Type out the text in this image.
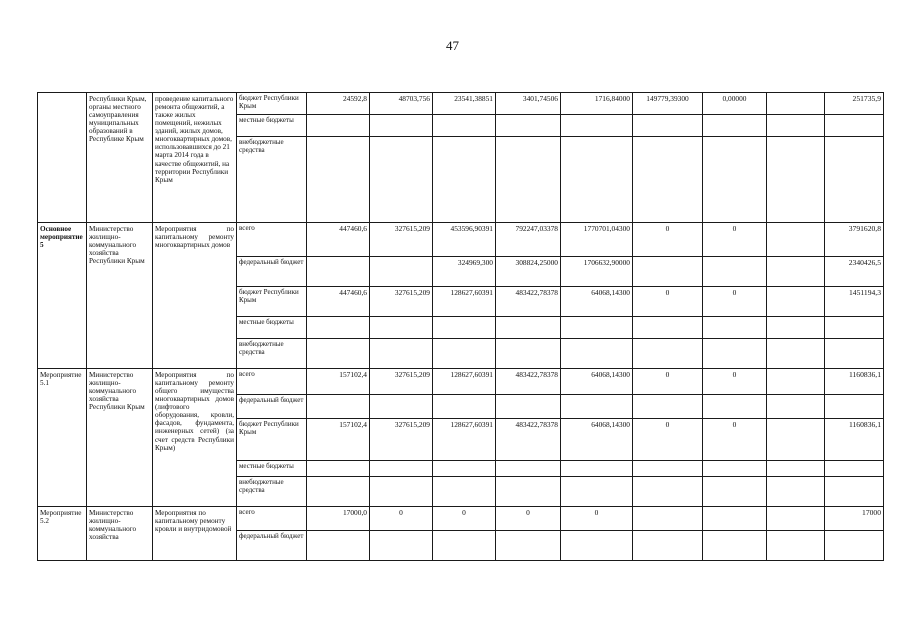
47
	Республики Крым, органы местного самоуправления муниципальных образований в Республике Крым	проведение капитального ремонта общежитий, а также жилых помещений, нежилых зданий, жилых домов, многоквартирных домов, использовавшихся до 21 марта 2014 года в качестве общежитий, на территории Республики Крым	бюджет Республики Крым	24592,8	48703,756	23541,38851	3401,74506	1716,84000	149779,39300	0,00000		251735,9
			местные бюджеты									
			внебюджетные средства									
Основное мероприятие 5	Министерство жилищно-коммунального хозяйства Республики Крым	Мероприятия по капитальному ремонту многоквартирных домов	всего	447460,6	327615,209	453596,90391	792247,03378	1770701,04300	0	0		3791620,8
			федеральный бюджет			324969,300	308824,25000	1706632,90000				2340426,5
			бюджет Республики Крым	447460,6	327615,209	128627,60391	483422,78378	64068,14300	0	0		1451194,3
			местные бюджеты									
			внебюджетные средства									
Мероприятие 5.1	Министерство жилищно-коммунального хозяйства Республики Крым	Мероприятия по капитальному ремонту общего имущества многоквартирных домов (лифтового оборудования, кровли, фасадов, фундамента, инженерных сетей) (за счет средств Республики Крым)	всего	157102,4	327615,209	128627,60391	483422,78378	64068,14300	0	0		1160836,1
			федеральный бюджет									
			бюджет Республики Крым	157102,4	327615,209	128627,60391	483422,78378	64068,14300	0	0		1160836,1
			местные бюджеты									
			внебюджетные средства									
Мероприятие 5.2	Министерство жилищно-коммунального хозяйства	Мероприятия по капитальному ремонту кровли и внутридомовой	всего	17000,0	0	0	0	0				17000
			федеральный бюджет									
